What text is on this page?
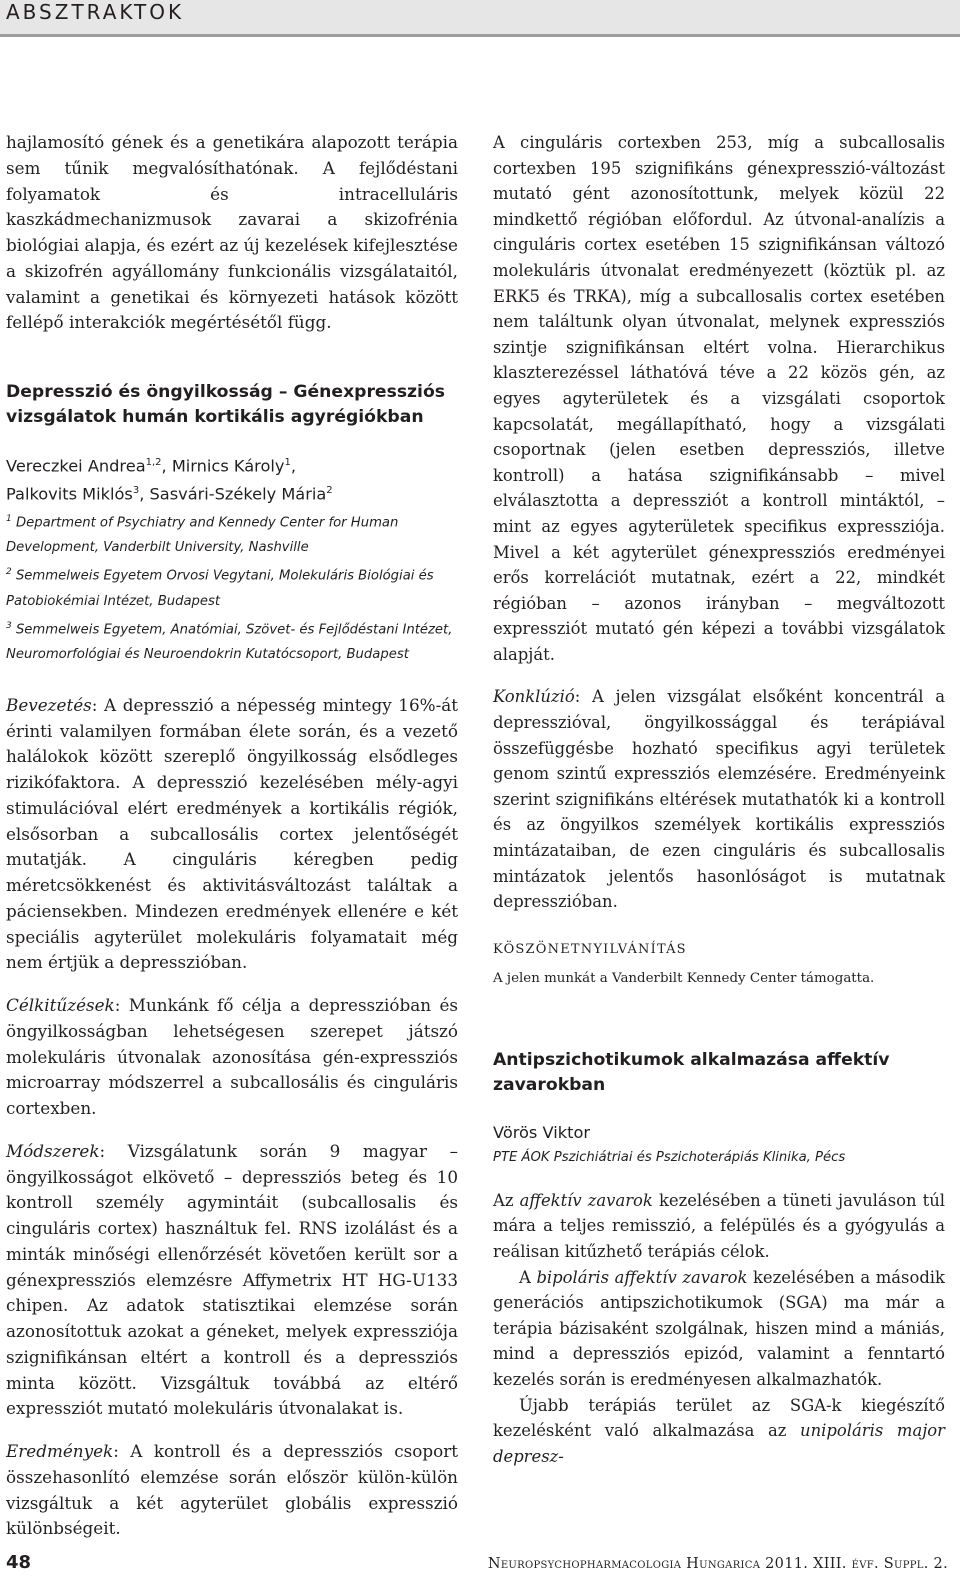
ABSZTRAKTOK

hajlamosító gének és a genetikára alapozott terápia sem tűnik megvalósíthatónak. A fejlődéstani folyamatok és intracelluláris kaszkádmechanizmusok zavarai a skizofrénia biológiai alapja, és ezért az új kezelések kifejlesztése a skizofrén agyállomány funkcionális vizsgálataitól, valamint a genetikai és környezeti hatások között fellépő interakciók megértésétől függ.

Depresszió és öngyilkosság – Génexpressziós vizsgálatok humán kortikális agyrégiókban

Vereczkei Andrea$^{1,2}$, Mirnics Károly$^1$,
Palkovits Miklós$^3$, Sasvári-Székely Mária$^2$

$^1$ Department of Psychiatry and Kennedy Center for Human Development, Vanderbilt University, Nashville

$^2$ Semmelweis Egyetem Orvosi Vegytani, Molekuláris Biológiai és Patobiokémiai Intézet, Budapest

$^3$ Semmelweis Egyetem, Anatómiai, Szövet- és Fejlődéstani Intézet, Neuromorfológiai és Neuroendokrin Kutatócsoport, Budapest

Bevezetés: A depresszió a népesség mintegy 16%-át érinti valamilyen formában élete során, és a vezető halálokok között szereplő öngyilkosság elsődleges rizikófaktora. A depresszió kezelésében mély-agyi stimulációval elért eredmények a kortikális régiók, elsősorban a subcallosális cortex jelentőségét mutatják. A cinguláris kéregben pedig méretcsökkenést és aktivitásváltozást találtak a páciensekben. Mindezen eredmények ellenére e két speciális agyterület molekuláris folyamatait még nem értjük a depresszióban.

Célkitűzések: Munkánk fő célja a depresszióban és öngyilkosságban lehetségesen szerepet játszó molekuláris útvonalak azonosítása gén-expressziós microarray módszerrel a subcallosális és cinguláris cortexben.

Módszerek: Vizsgálatunk során 9 magyar – öngyilkosságot elkövető – depressziós beteg és 10 kontroll személy agymintáit (subcallosalis és cinguláris cortex) használtuk fel. RNS izolálást és a minták minőségi ellenőrzését követően került sor a génexpressziós elemzésre Affymetrix HT HG-U133 chipen. Az adatok statisztikai elemzése során azonosítottuk azokat a géneket, melyek expressziója szignifikánsan eltért a kontroll és a depressziós minta között. Vizsgáltuk továbbá az eltérő expressziót mutató molekuláris útvonalakat is.

Eredmények: A kontroll és a depressziós csoport összehasonlító elemzése során először külön-külön vizsgáltuk a két agyterület globális expresszió különbségeit.

A cinguláris cortexben 253, míg a subcallosalis cortexben 195 szignifikáns génexpresszió-változást mutató gént azonosítottunk, melyek közül 22 mindkettő régióban előfordul. Az útvonal-analízis a cinguláris cortex esetében 15 szignifikánsan változó molekuláris útvonalat eredményezett (köztük pl. az ERK5 és TRKA), míg a subcallosalis cortex esetében nem találtunk olyan útvonalat, melynek expressziós szintje szignifikánsan eltért volna. Hierarchikus klaszterezéssel láthatóvá téve a 22 közös gén, az egyes agyterületek és a vizsgálati csoportok kapcsolatát, megállapítható, hogy a vizsgálati csoportnak (jelen esetben depressziós, illetve kontroll) a hatása szignifikánsabb – mivel elválasztotta a depressziót a kontroll mintáktól, – mint az egyes agyterületek specifikus expressziója. Mivel a két agyterület génexpressziós eredményei erős korrelációt mutatnak, ezért a 22, mindkét régióban – azonos irányban – megváltozott expressziót mutató gén képezi a további vizsgálatok alapját.

Konklúzió: A jelen vizsgálat elsőként koncentrál a depresszióval, öngyilkossággal és terápiával összefüggésbe hozható specifikus agyi területek genom szintű expressziós elemzésére. Eredményeink szerint szignifikáns eltérések mutathatók ki a kontroll és az öngyilkos személyek kortikális expressziós mintázataiban, de ezen cinguláris és subcallosalis mintázatok jelentős hasonlóságot is mutatnak depresszióban.

KÖSZÖNETNYILVÁNÍTÁS

A jelen munkát a Vanderbilt Kennedy Center támogatta.

Antipszichotikumok alkalmazása affektív zavarokban

Vörös Viktor

PTE ÁOK Pszichiátriai és Pszichoterápiás Klinika, Pécs

Az affektív zavarok kezelésében a tüneti javuláson túl mára a teljes remisszió, a felépülés és a gyógyulás a reálisan kitűzhető terápiás célok.

A bipoláris affektív zavarok kezelésében a második generációs antipszichotikumok (SGA) ma már a terápia bázisaként szolgálnak, hiszen mind a mániás, mind a depressziós epizód, valamint a fenntartó kezelés során is eredményesen alkalmazhatók.

Újabb terápiás terület az SGA-k kiegészítő kezelésként való alkalmazása az unipoláris major depresz-

48	Neuropsychopharmacologia Hungarica 2011. XIII. évf. Suppl. 2.
